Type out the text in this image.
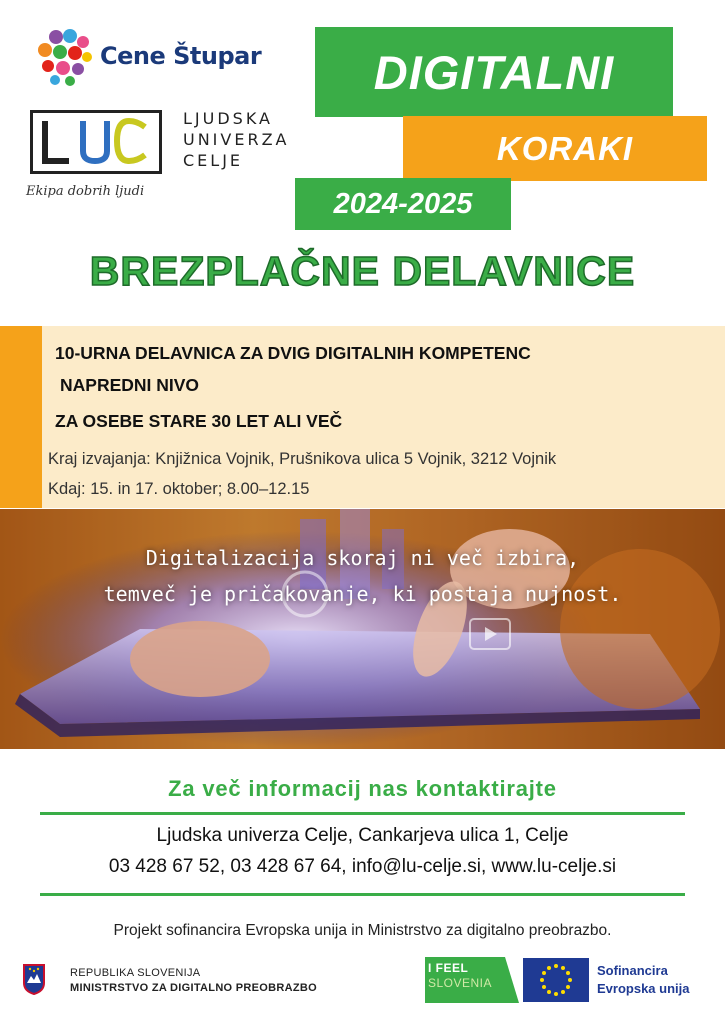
Cene Štupar
LJUDSKA
UNIVERZA
CELJE
Ekipa dobrih ljudi
DIGITALNI
KORAKI
2024-2025
BREZPLAČNE DELAVNICE
10-URNA DELAVNICA ZA DVIG DIGITALNIH KOMPETENC
NAPREDNI NIVO
ZA OSEBE STARE 30 LET ALI VEČ
Kraj izvajanja: Knjižnica Vojnik, Prušnikova ulica 5 Vojnik, 3212 Vojnik
Kdaj: 15. in 17. oktober; 8.00–12.15
Digitalizacija skoraj ni več izbira,
temveč je pričakovanje, ki postaja nujnost.
Za več informacij nas kontaktirajte
Ljudska univerza Celje, Cankarjeva ulica 1, Celje
03 428 67 52, 03 428 67 64, info@lu-celje.si, www.lu-celje.si
Projekt sofinancira Evropska unija in Ministrstvo za digitalno preobrazbo.
REPUBLIKA SLOVENIJA
MINISTRSTVO ZA DIGITALNO PREOBRAZBO
I FEEL
SLOVENIA
Sofinancira
Evropska unija
